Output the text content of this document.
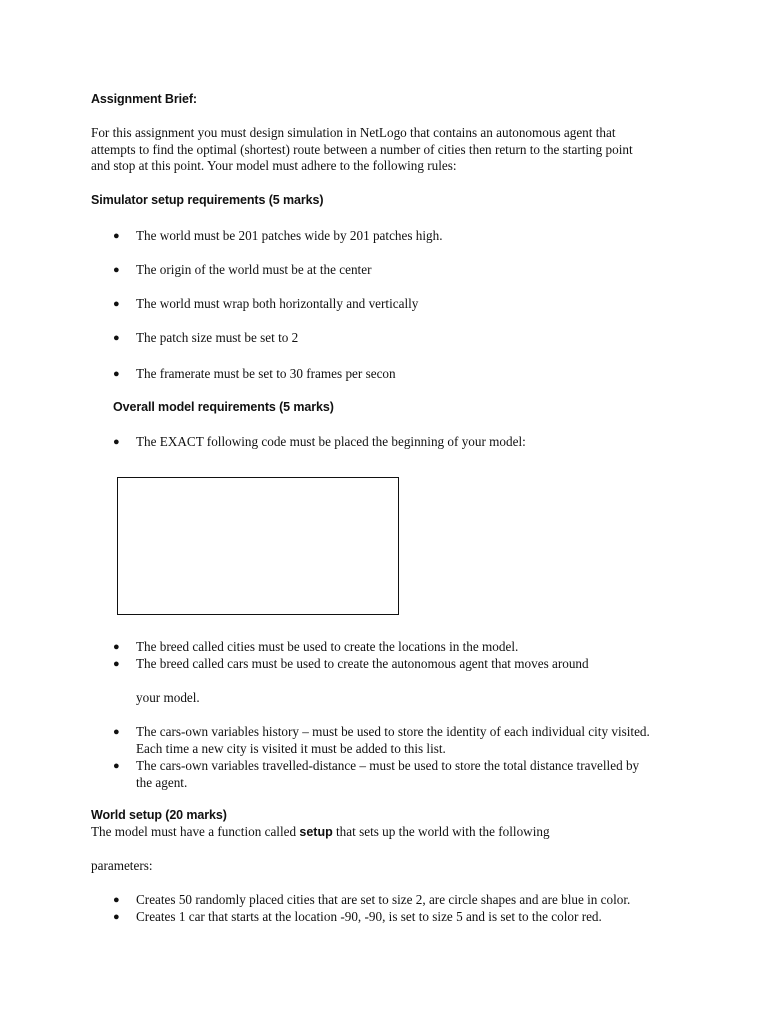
Assignment Brief:
For this assignment you must design simulation in NetLogo that contains an autonomous agent that
attempts to find the optimal (shortest) route between a number of cities then return to the starting point
and stop at this point. Your model must adhere to the following rules:
Simulator setup requirements (5 marks)
● The world must be 201 patches wide by 201 patches high.
● The origin of the world must be at the center
● The world must wrap both horizontally and vertically
● The patch size must be set to 2
● The framerate must be set to 30 frames per secon
Overall model requirements (5 marks)
● The EXACT following code must be placed the beginning of your model:
● The breed called cities must be used to create the locations in the model.
● The breed called cars must be used to create the autonomous agent that moves around
your model.
● The cars-own variables history – must be used to store the identity of each individual city visited.
Each time a new city is visited it must be added to this list.
● The cars-own variables travelled-distance – must be used to store the total distance travelled by
the agent.
World setup (20 marks)
The model must have a function called setup that sets up the world with the following
parameters:
● Creates 50 randomly placed cities that are set to size 2, are circle shapes and are blue in color.
● Creates 1 car that starts at the location -90, -90, is set to size 5 and is set to the color red.
